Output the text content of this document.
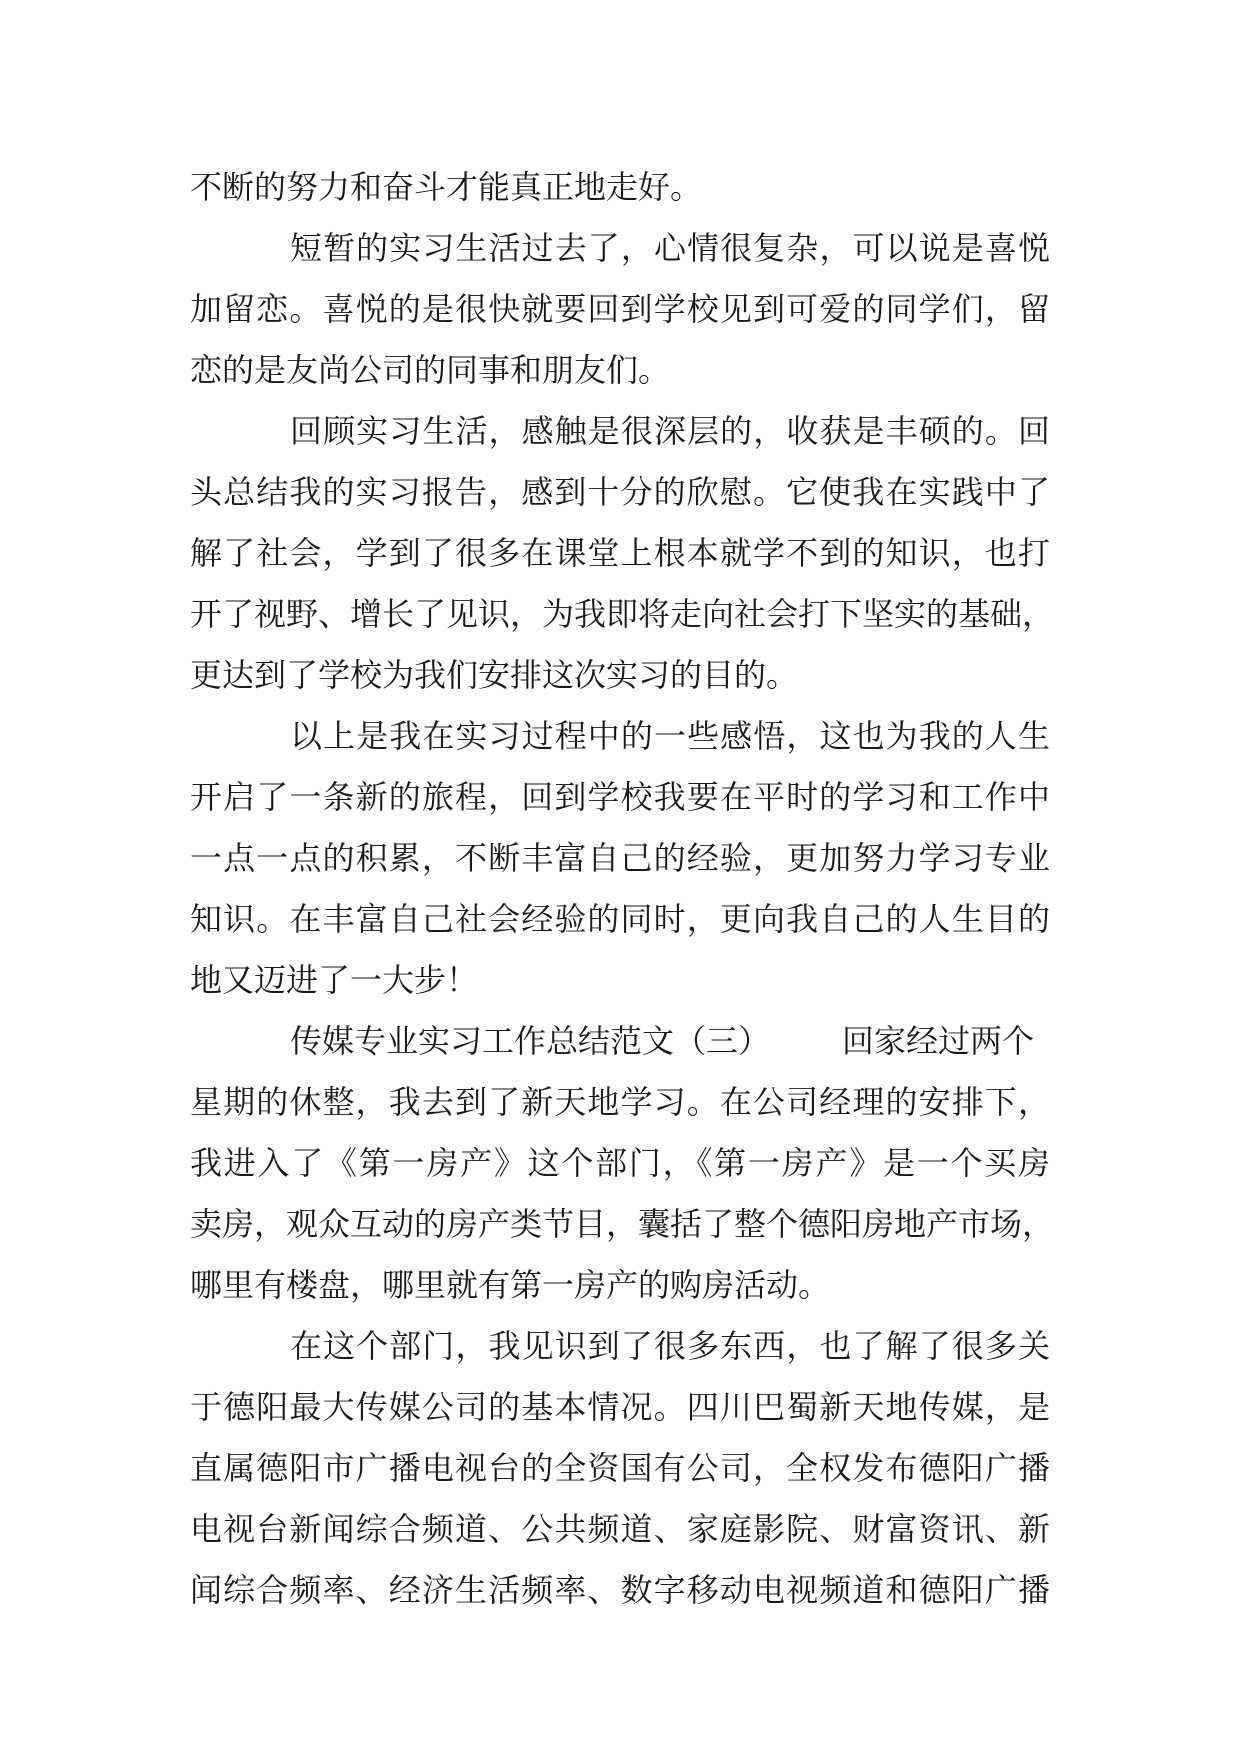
不断的努力和奋斗才能真正地走好。
短暂的实习生活过去了，心情很复杂，可以说是喜悦
加留恋。喜悦的是很快就要回到学校见到可爱的同学们，留
恋的是友尚公司的同事和朋友们。
回顾实习生活，感触是很深层的，收获是丰硕的。回
头总结我的实习报告，感到十分的欣慰。它使我在实践中了
解了社会，学到了很多在课堂上根本就学不到的知识，也打
开了视野、增长了见识，为我即将走向社会打下坚实的基础，
更达到了学校为我们安排这次实习的目的。
以上是我在实习过程中的一些感悟，这也为我的人生
开启了一条新的旅程，回到学校我要在平时的学习和工作中
一点一点的积累，不断丰富自己的经验，更加努力学习专业
知识。在丰富自己社会经验的同时，更向我自己的人生目的
地又迈进了一大步！
传媒专业实习工作总结范文（三） 回家经过两个
星期的休整，我去到了新天地学习。在公司经理的安排下，
我进入了《第一房产》这个部门，《第一房产》是一个买房
卖房，观众互动的房产类节目，囊括了整个德阳房地产市场，
哪里有楼盘，哪里就有第一房产的购房活动。
在这个部门，我见识到了很多东西，也了解了很多关
于德阳最大传媒公司的基本情况。四川巴蜀新天地传媒，是
直属德阳市广播电视台的全资国有公司，全权发布德阳广播
电视台新闻综合频道、公共频道、家庭影院、财富资讯、新
闻综合频率、经济生活频率、数字移动电视频道和德阳广播
